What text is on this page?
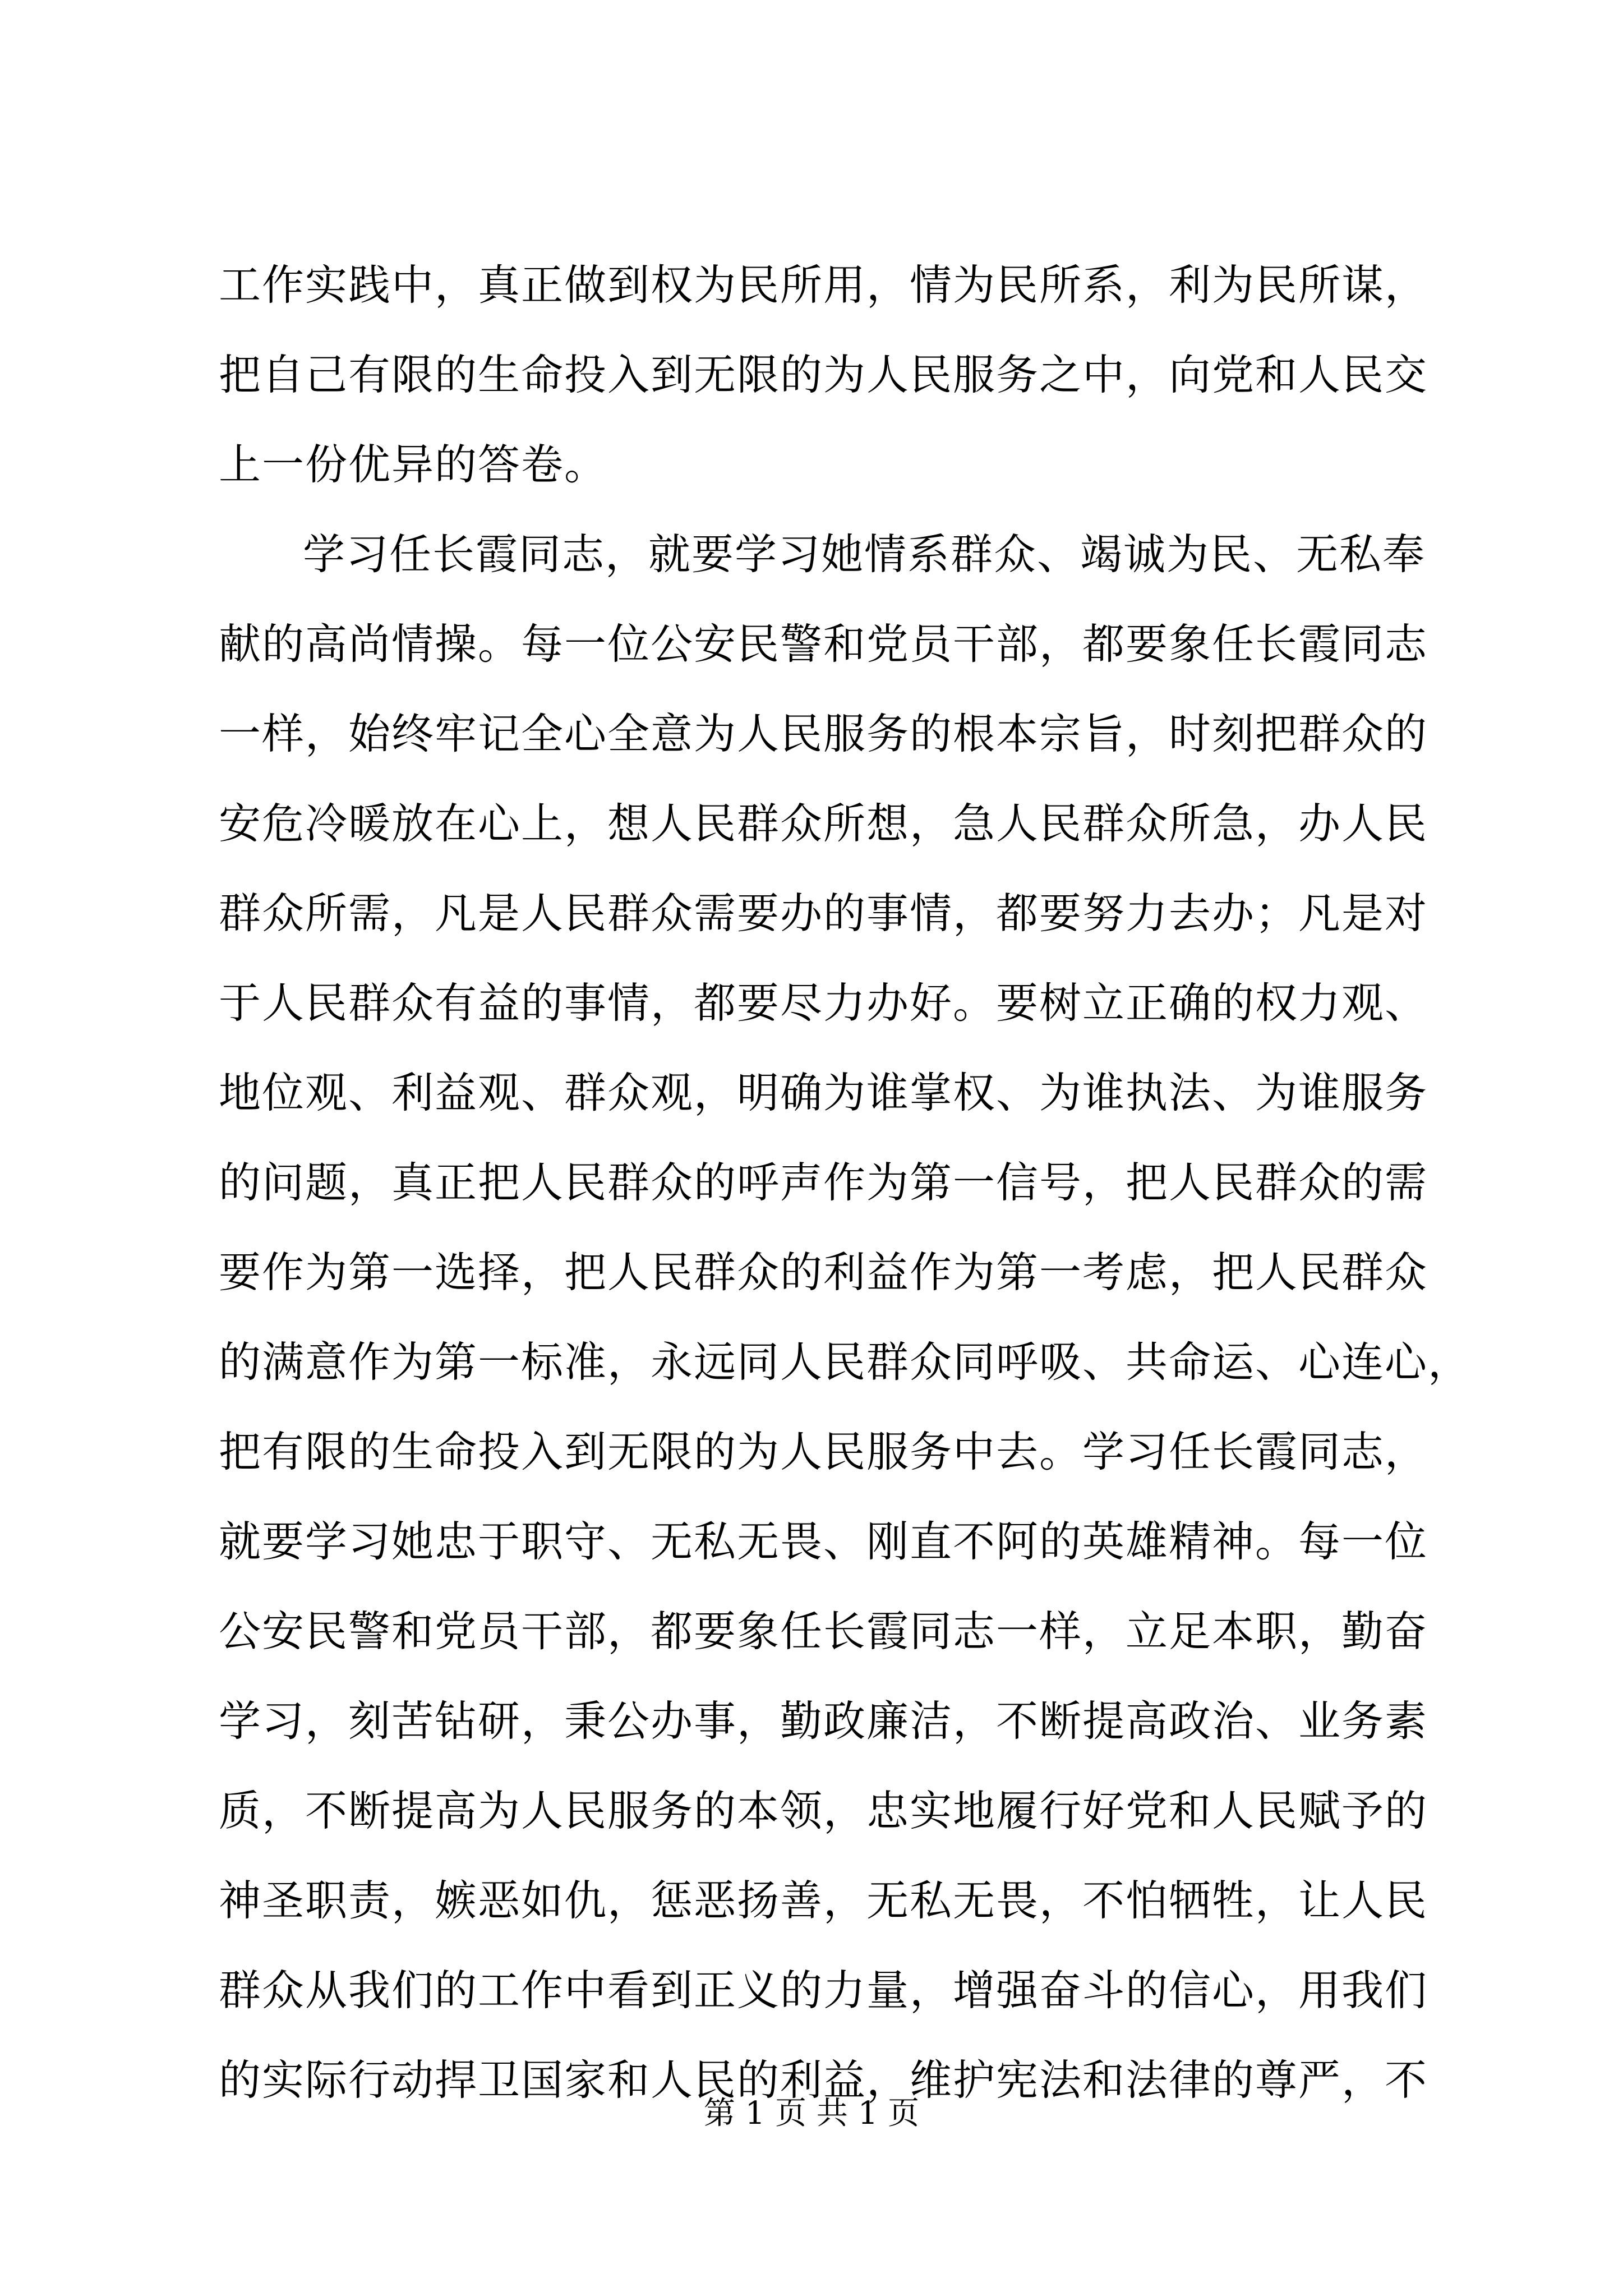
工作实践中，真正做到权为民所用，情为民所系，利为民所谋，
把自己有限的生命投入到无限的为人民服务之中，向党和人民交
上一份优异的答卷。
学习任长霞同志，就要学习她情系群众、竭诚为民、无私奉
献的高尚情操。每一位公安民警和党员干部，都要象任长霞同志
一样，始终牢记全心全意为人民服务的根本宗旨，时刻把群众的
安危冷暖放在心上，想人民群众所想，急人民群众所急，办人民
群众所需，凡是人民群众需要办的事情，都要努力去办；凡是对
于人民群众有益的事情，都要尽力办好。要树立正确的权力观、
地位观、利益观、群众观，明确为谁掌权、为谁执法、为谁服务
的问题，真正把人民群众的呼声作为第一信号，把人民群众的需
要作为第一选择，把人民群众的利益作为第一考虑，把人民群众
的满意作为第一标准，永远同人民群众同呼吸、共命运、心连心，
把有限的生命投入到无限的为人民服务中去。学习任长霞同志，
就要学习她忠于职守、无私无畏、刚直不阿的英雄精神。每一位
公安民警和党员干部，都要象任长霞同志一样，立足本职，勤奋
学习，刻苦钻研，秉公办事，勤政廉洁，不断提高政治、业务素
质，不断提高为人民服务的本领，忠实地履行好党和人民赋予的
神圣职责，嫉恶如仇，惩恶扬善，无私无畏，不怕牺牲，让人民
群众从我们的工作中看到正义的力量，增强奋斗的信心，用我们
的实际行动捍卫国家和人民的利益，维护宪法和法律的尊严，不
第 1 页 共 1 页
